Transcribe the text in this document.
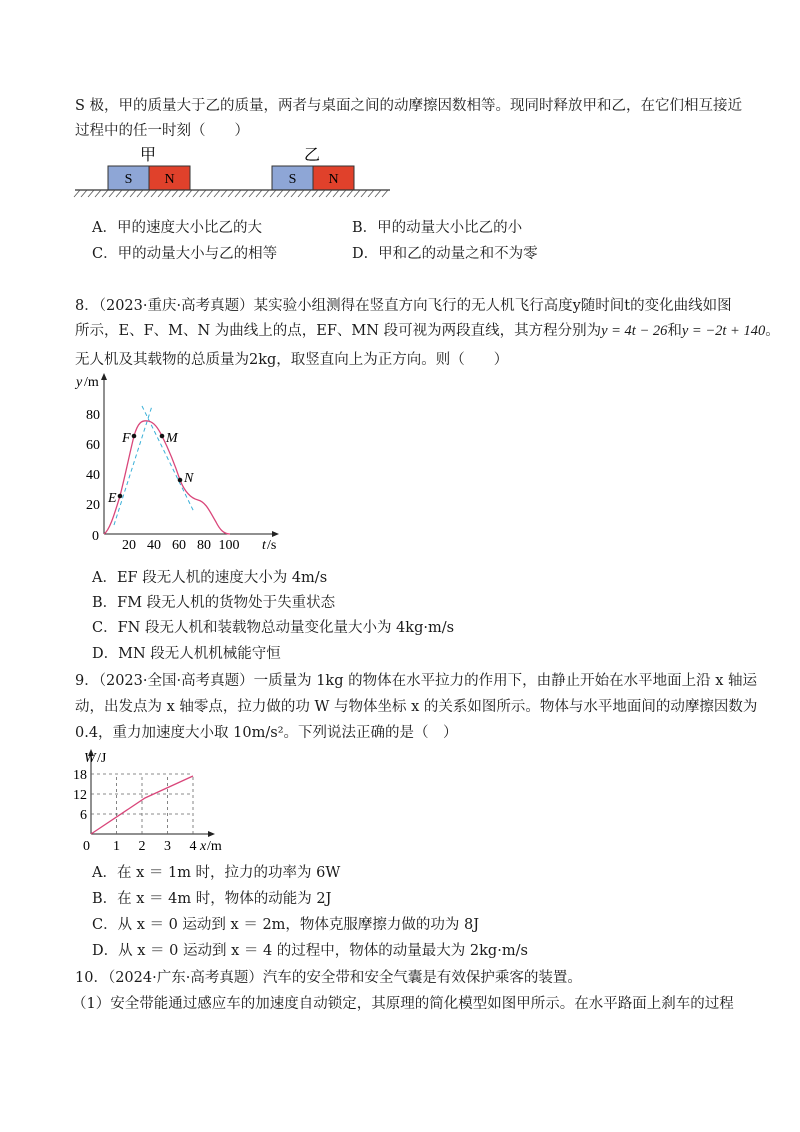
S 极，甲的质量大于乙的质量，两者与桌面之间的动摩擦因数相等。现同时释放甲和乙，在它们相互接近
过程中的任一时刻（　　）
甲	乙
S N	S N
A．甲的速度大小比乙的大	B．甲的动量大小比乙的小
C．甲的动量大小与乙的相等	D．甲和乙的动量之和不为零
8．（2023·重庆·高考真题）某实验小组测得在竖直方向飞行的无人机飞行高度y随时间t的变化曲线如图
所示，E、F、M、N 为曲线上的点，EF、MN 段可视为两段直线，其方程分别为y = 4t − 26和y = −2t + 140。
无人机及其载物的总质量为2kg，取竖直向上为正方向。则（　　）
y /m
t /s
0
20
40
60
80
20 40 60 80 100
E
F	M
N
A．EF 段无人机的速度大小为 4m/s
B．FM 段无人机的货物处于失重状态
C．FN 段无人机和装载物总动量变化量大小为 4kg·m/s
D．MN 段无人机机械能守恒
9．（2023·全国·高考真题）一质量为 1kg 的物体在水平拉力的作用下，由静止开始在水平地面上沿 x 轴运
动，出发点为 x 轴零点，拉力做的功 W 与物体坐标 x 的关系如图所示。物体与水平地面间的动摩擦因数为
0.4，重力加速度大小取 10m/s²。下列说法正确的是（　）
W /J
x /m
0
6
12
18
1 2 3 4
A．在 x ＝ 1m 时，拉力的功率为 6W
B．在 x ＝ 4m 时，物体的动能为 2J
C．从 x ＝ 0 运动到 x ＝ 2m，物体克服摩擦力做的功为 8J
D．从 x ＝ 0 运动到 x ＝ 4 的过程中，物体的动量最大为 2kg·m/s
10．（2024·广东·高考真题）汽车的安全带和安全气囊是有效保护乘客的装置。
（1）安全带能通过感应车的加速度自动锁定，其原理的简化模型如图甲所示。在水平路面上刹车的过程
